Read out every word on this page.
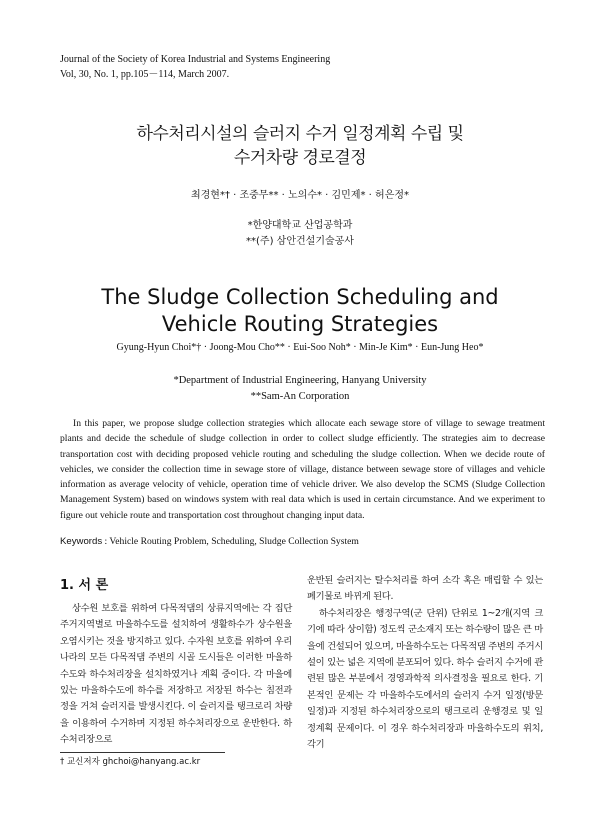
Journal of the Society of Korea Industrial and Systems Engineering
Vol, 30, No. 1, pp.105－114, March 2007.
하수처리시설의 슬러지 수거 일정계획 수립 및
수거차량 경로결정
최경현*† · 조중무** · 노의수* · 김민제* · 허은정*
*한양대학교 산업공학과
**(주) 삼안건설기술공사
The Sludge Collection Scheduling and
Vehicle Routing Strategies
Gyung-Hyun Choi*† · Joong-Mou Cho** · Eui-Soo Noh* · Min-Je Kim* · Eun-Jung Heo*
*Department of Industrial Engineering, Hanyang University
**Sam-An Corporation
In this paper, we propose sludge collection strategies which allocate each sewage store of village to sewage treatment plants and decide the schedule of sludge collection in order to collect sludge efficiently. The strategies aim to decrease transportation cost with deciding proposed vehicle routing and scheduling the sludge collection. When we decide route of vehicles, we consider the collection time in sewage store of village, distance between sewage store of villages and vehicle information as average velocity of vehicle, operation time of vehicle driver. We also develop the SCMS (Sludge Collection Management System) based on windows system with real data which is used in certain circumstance. And we experiment to figure out vehicle route and transportation cost throughout changing input data.
Keywords : Vehicle Routing Problem, Scheduling, Sludge Collection System
1. 서 론

상수원 보호를 위하여 다목적댐의 상류지역에는 각 집단 주거지역별로 마을하수도를 설치하여 생활하수가 상수원을 오염시키는 것을 방지하고 있다. 수자원 보호를 위하여 우리나라의 모든 다목적댐 주변의 시골 도시들은 이러한 마을하수도와 하수처리장을 설치하였거나 계획 중이다. 각 마을에 있는 마을하수도에 하수를 저장하고 저장된 하수는 침전과정을 거쳐 슬러지를 발생시킨다. 이 슬러지를 탱크로리 차량을 이용하여 수거하며 지정된 하수처리장으로 운반한다. 하수처리장으로

운반된 슬러지는 탈수처리를 하여 소각 혹은 매립할 수 있는 폐기물로 바뀌게 된다.

하수처리장은 행정구역(군 단위) 단위로 1~2개(지역 크기에 따라 상이함) 정도씩 군소재지 또는 하수량이 많은 큰 마을에 건설되어 있으며, 마을하수도는 다목적댐 주변의 주거시설이 있는 넓은 지역에 분포되어 있다. 하수 슬러지 수거에 관련된 많은 부분에서 경영과학적 의사결정을 필요로 한다. 기본적인 문제는 각 마을하수도에서의 슬러지 수거 일정(방문 일정)과 지정된 하수처리장으로의 탱크로리 운행경로 및 일정계획 문제이다. 이 경우 하수처리장과 마을하수도의 위치, 각기

† 교신저자 ghchoi@hanyang.ac.kr
